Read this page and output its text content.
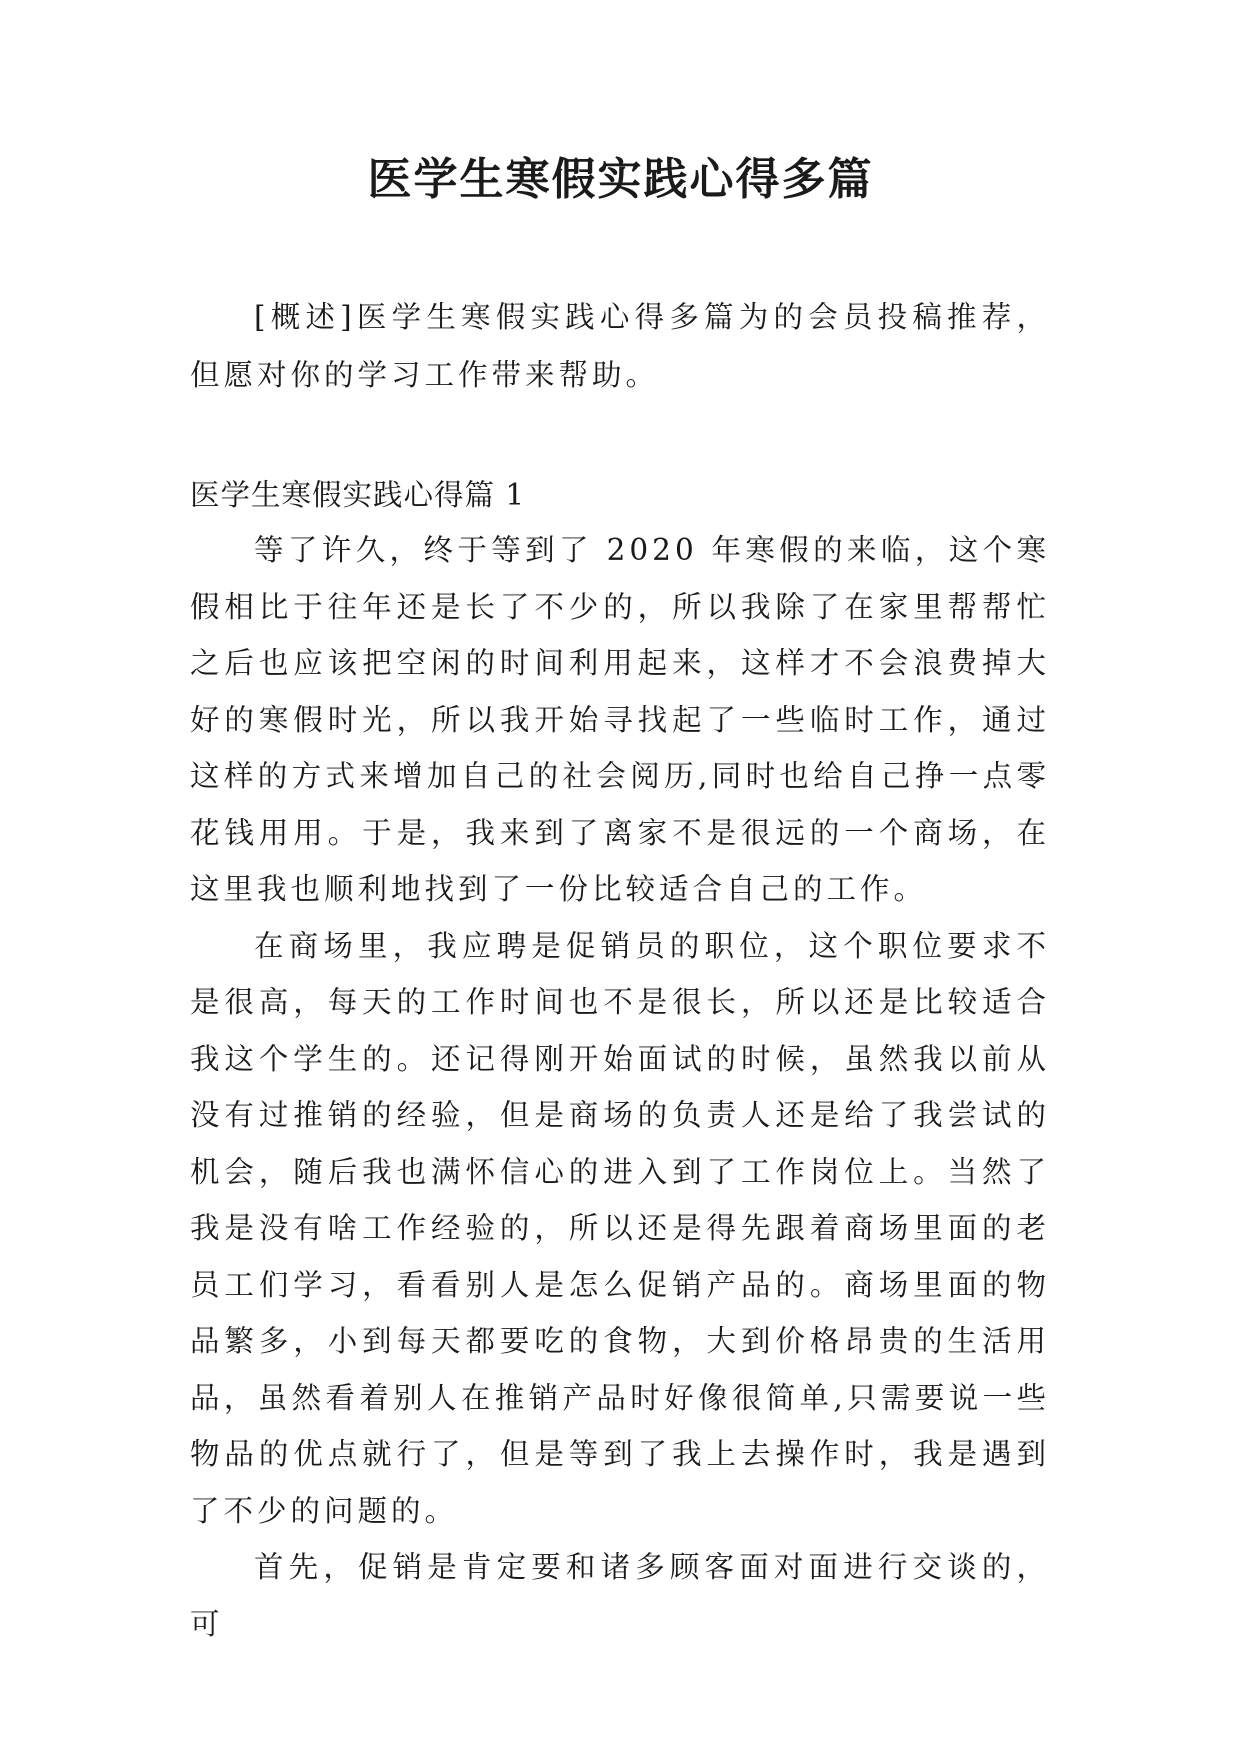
医学生寒假实践心得多篇

[概述]医学生寒假实践心得多篇为的会员投稿推荐，但愿对你的学习工作带来帮助。

医学生寒假实践心得篇 1

等了许久，终于等到了 2020 年寒假的来临，这个寒假相比于往年还是长了不少的，所以我除了在家里帮帮忙之后也应该把空闲的时间利用起来，这样才不会浪费掉大好的寒假时光，所以我开始寻找起了一些临时工作，通过这样的方式来增加自己的社会阅历,同时也给自己挣一点零花钱用用。于是，我来到了离家不是很远的一个商场，在这里我也顺利地找到了一份比较适合自己的工作。

在商场里，我应聘是促销员的职位，这个职位要求不是很高，每天的工作时间也不是很长，所以还是比较适合我这个学生的。还记得刚开始面试的时候，虽然我以前从没有过推销的经验，但是商场的负责人还是给了我尝试的机会，随后我也满怀信心的进入到了工作岗位上。当然了我是没有啥工作经验的，所以还是得先跟着商场里面的老员工们学习，看看别人是怎么促销产品的。商场里面的物品繁多，小到每天都要吃的食物，大到价格昂贵的生活用品，虽然看着别人在推销产品时好像很简单,只需要说一些物品的优点就行了，但是等到了我上去操作时，我是遇到了不少的问题的。

首先，促销是肯定要和诸多顾客面对面进行交谈的，可
